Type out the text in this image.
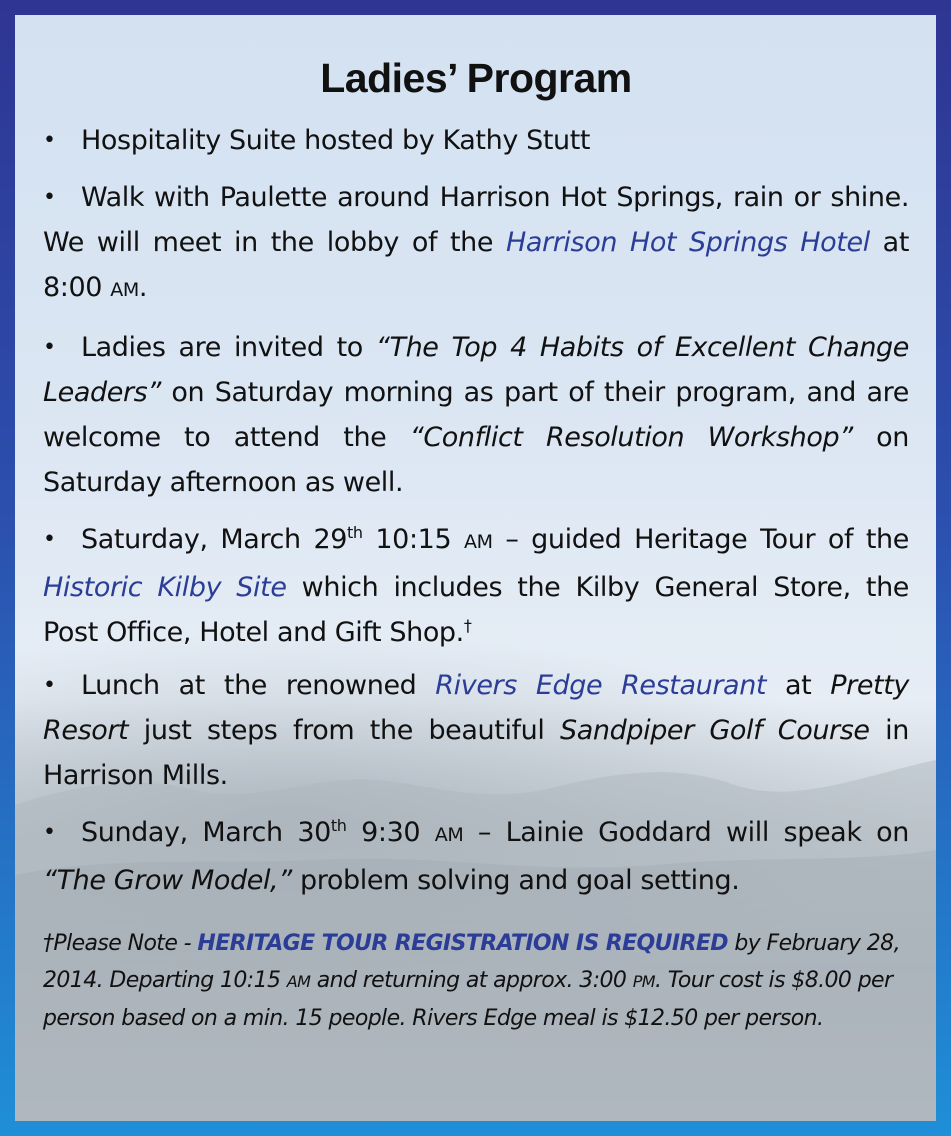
Ladies’ Program
• Hospitality Suite hosted by Kathy Stutt
• Walk with Paulette around Harrison Hot Springs, rain or shine. We will meet in the lobby of the Harrison Hot Springs Hotel at 8:00 AM.
• Ladies are invited to “The Top 4 Habits of Excellent Change Leaders” on Saturday morning as part of their program, and are welcome to attend the “Conflict Resolution Workshop” on Saturday afternoon as well.
• Saturday, March 29th 10:15 AM – guided Heritage Tour of the Historic Kilby Site which includes the Kilby General Store, the Post Office, Hotel and Gift Shop.†
• Lunch at the renowned Rivers Edge Restaurant at Pretty Resort just steps from the beautiful Sandpiper Golf Course in Harrison Mills.
• Sunday, March 30th 9:30 AM – Lainie Goddard will speak on “The Grow Model,” problem solving and goal setting.
†Please Note - HERITAGE TOUR REGISTRATION IS REQUIRED by February 28, 2014. Departing 10:15 AM and returning at approx. 3:00 PM. Tour cost is $8.00 per person based on a min. 15 people. Rivers Edge meal is $12.50 per person.
